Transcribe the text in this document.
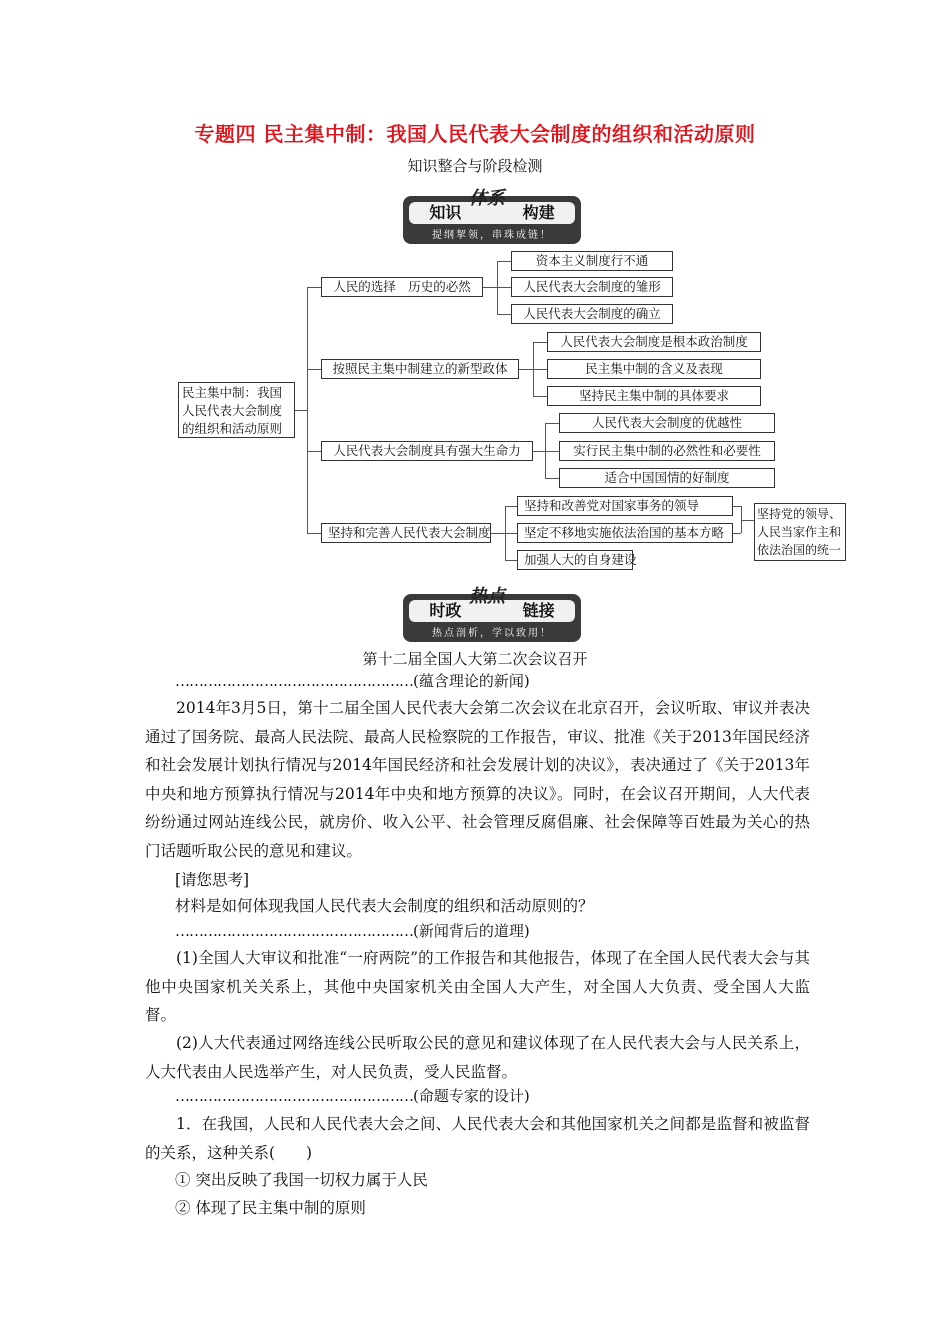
专题四 民主集中制：我国人民代表大会制度的组织和活动原则
知识整合与阶段检测
知识	构建
体系
提纲挈领，串珠成链！
民主集中制：我国人民代表大会制度的组织和活动原则
人民的选择　历史的必然
资本主义制度行不通
人民代表大会制度的雏形
人民代表大会制度的确立
按照民主集中制建立的新型政体
人民代表大会制度是根本政治制度
民主集中制的含义及表现
坚持民主集中制的具体要求
人民代表大会制度具有强大生命力
人民代表大会制度的优越性
实行民主集中制的必然性和必要性
适合中国国情的好制度
坚持和完善人民代表大会制度
坚持和改善党对国家事务的领导
坚定不移地实施依法治国的基本方略
加强人大的自身建设
坚持党的领导、人民当家作主和依法治国的统一
时政	链接
热点
热点剖析，学以致用！
第十二届全国人大第二次会议召开
……………………………………………(蕴含理论的新闻)
2014年3月5日，第十二届全国人民代表大会第二次会议在北京召开，会议听取、审议并表决通过了国务院、最高人民法院、最高人民检察院的工作报告，审议、批准《关于2013年国民经济和社会发展计划执行情况与2014年国民经济和社会发展计划的决议》，表决通过了《关于2013年中央和地方预算执行情况与2014年中央和地方预算的决议》。同时，在会议召开期间，人大代表纷纷通过网站连线公民，就房价、收入公平、社会管理反腐倡廉、社会保障等百姓最为关心的热门话题听取公民的意见和建议。
[请您思考]
材料是如何体现我国人民代表大会制度的组织和活动原则的？
……………………………………………(新闻背后的道理)
(1)全国人大审议和批准“一府两院”的工作报告和其他报告，体现了在全国人民代表大会与其他中央国家机关关系上，其他中央国家机关由全国人大产生，对全国人大负责、受全国人大监督。
(2)人大代表通过网络连线公民听取公民的意见和建议体现了在人民代表大会与人民关系上，人大代表由人民选举产生，对人民负责，受人民监督。
……………………………………………(命题专家的设计)
1．在我国，人民和人民代表大会之间、人民代表大会和其他国家机关之间都是监督和被监督的关系，这种关系(　　)
① 突出反映了我国一切权力属于人民
② 体现了民主集中制的原则
